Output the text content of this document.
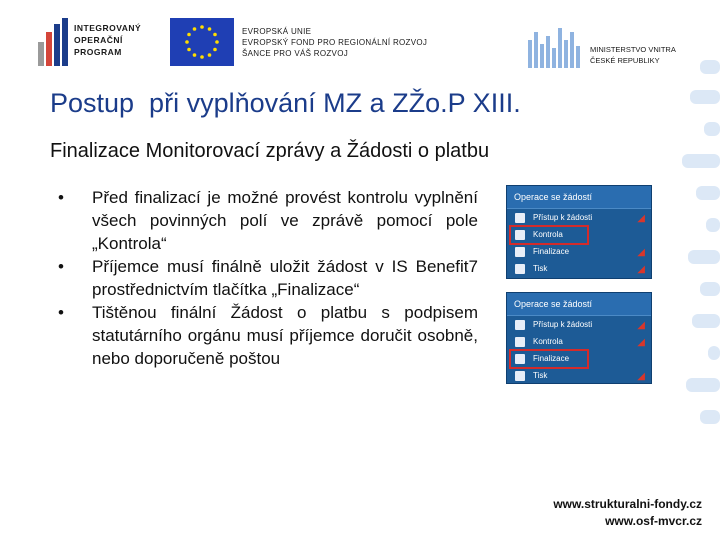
INTEGROVANÝ
OPERAČNÍ
PROGRAM
EVROPSKÁ UNIE
EVROPSKÝ FOND PRO REGIONÁLNÍ ROZVOJ
ŠANCE PRO VÁŠ ROZVOJ	MINISTERSTVO VNITRA
ČESKÉ REPUBLIKY
Postup  při vyplňování MZ a ZŽo.P XIII.
Finalizace Monitorovací zprávy a Žádosti o platbu
• Před finalizací je možné provést kontrolu vyplnění všech povinných polí ve zprávě pomocí pole „Kontrola“
• Příjemce musí finálně uložit žádost v IS Benefit7 prostřednictvím tlačítka „Finalizace“
• Tištěnou finální Žádost o platbu s podpisem statutárního orgánu musí příjemce doručit osobně, nebo doporučeně poštou
Operace se žádostí
Přístup k žádosti	◢
Kontrola
Finalizace	◢
Tisk	◢
Operace se žádostí
Přístup k žádosti	◢
Kontrola	◢
Finalizace
Tisk	◢
www.strukturalni-fondy.cz
www.osf-mvcr.cz
